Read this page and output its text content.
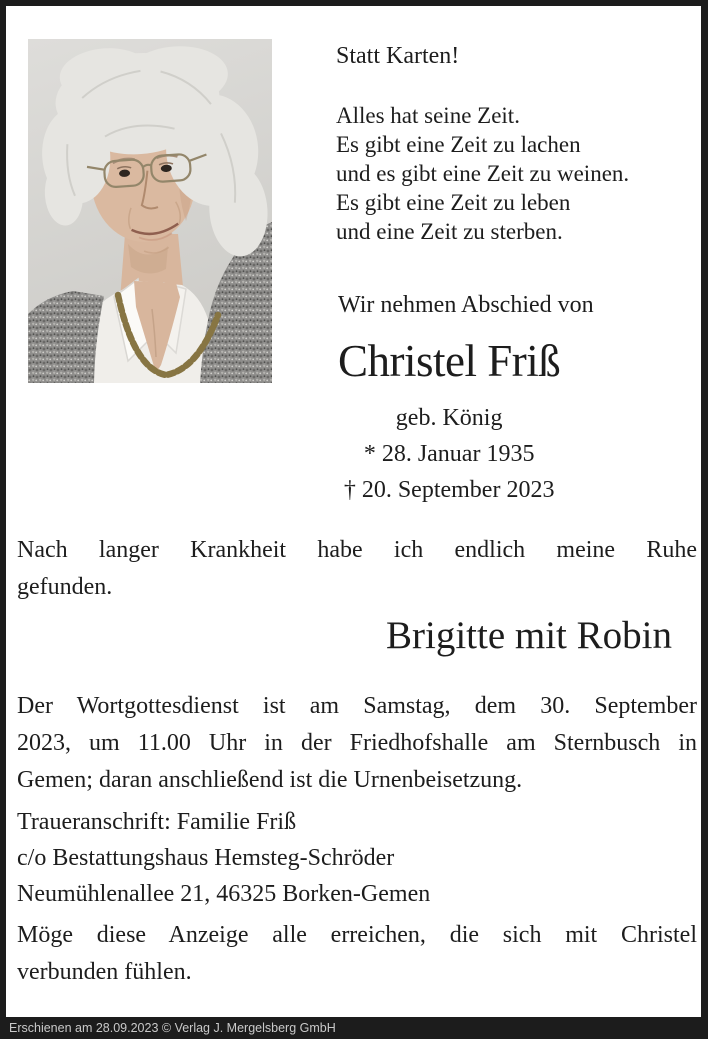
Statt Karten!
Alles hat seine Zeit.
Es gibt eine Zeit zu lachen
und es gibt eine Zeit zu weinen.
Es gibt eine Zeit zu leben
und eine Zeit zu sterben.
Wir nehmen Abschied von
Christel Friß
geb. König
* 28. Januar 1935
† 20. September 2023
Nach langer Krankheit habe ich endlich meine Ruhe
gefunden.
Brigitte mit Robin
Der Wortgottesdienst ist am Samstag, dem 30. September
2023, um 11.00 Uhr in der Friedhofshalle am Sternbusch in
Gemen; daran anschließend ist die Urnenbeisetzung.
Traueranschrift: Familie Friß
c/o Bestattungshaus Hemsteg-Schröder
Neumühlenallee 21, 46325 Borken-Gemen
Möge diese Anzeige alle erreichen, die sich mit Christel
verbunden fühlen.
Erschienen am 28.09.2023 © Verlag J. Mergelsberg GmbH
